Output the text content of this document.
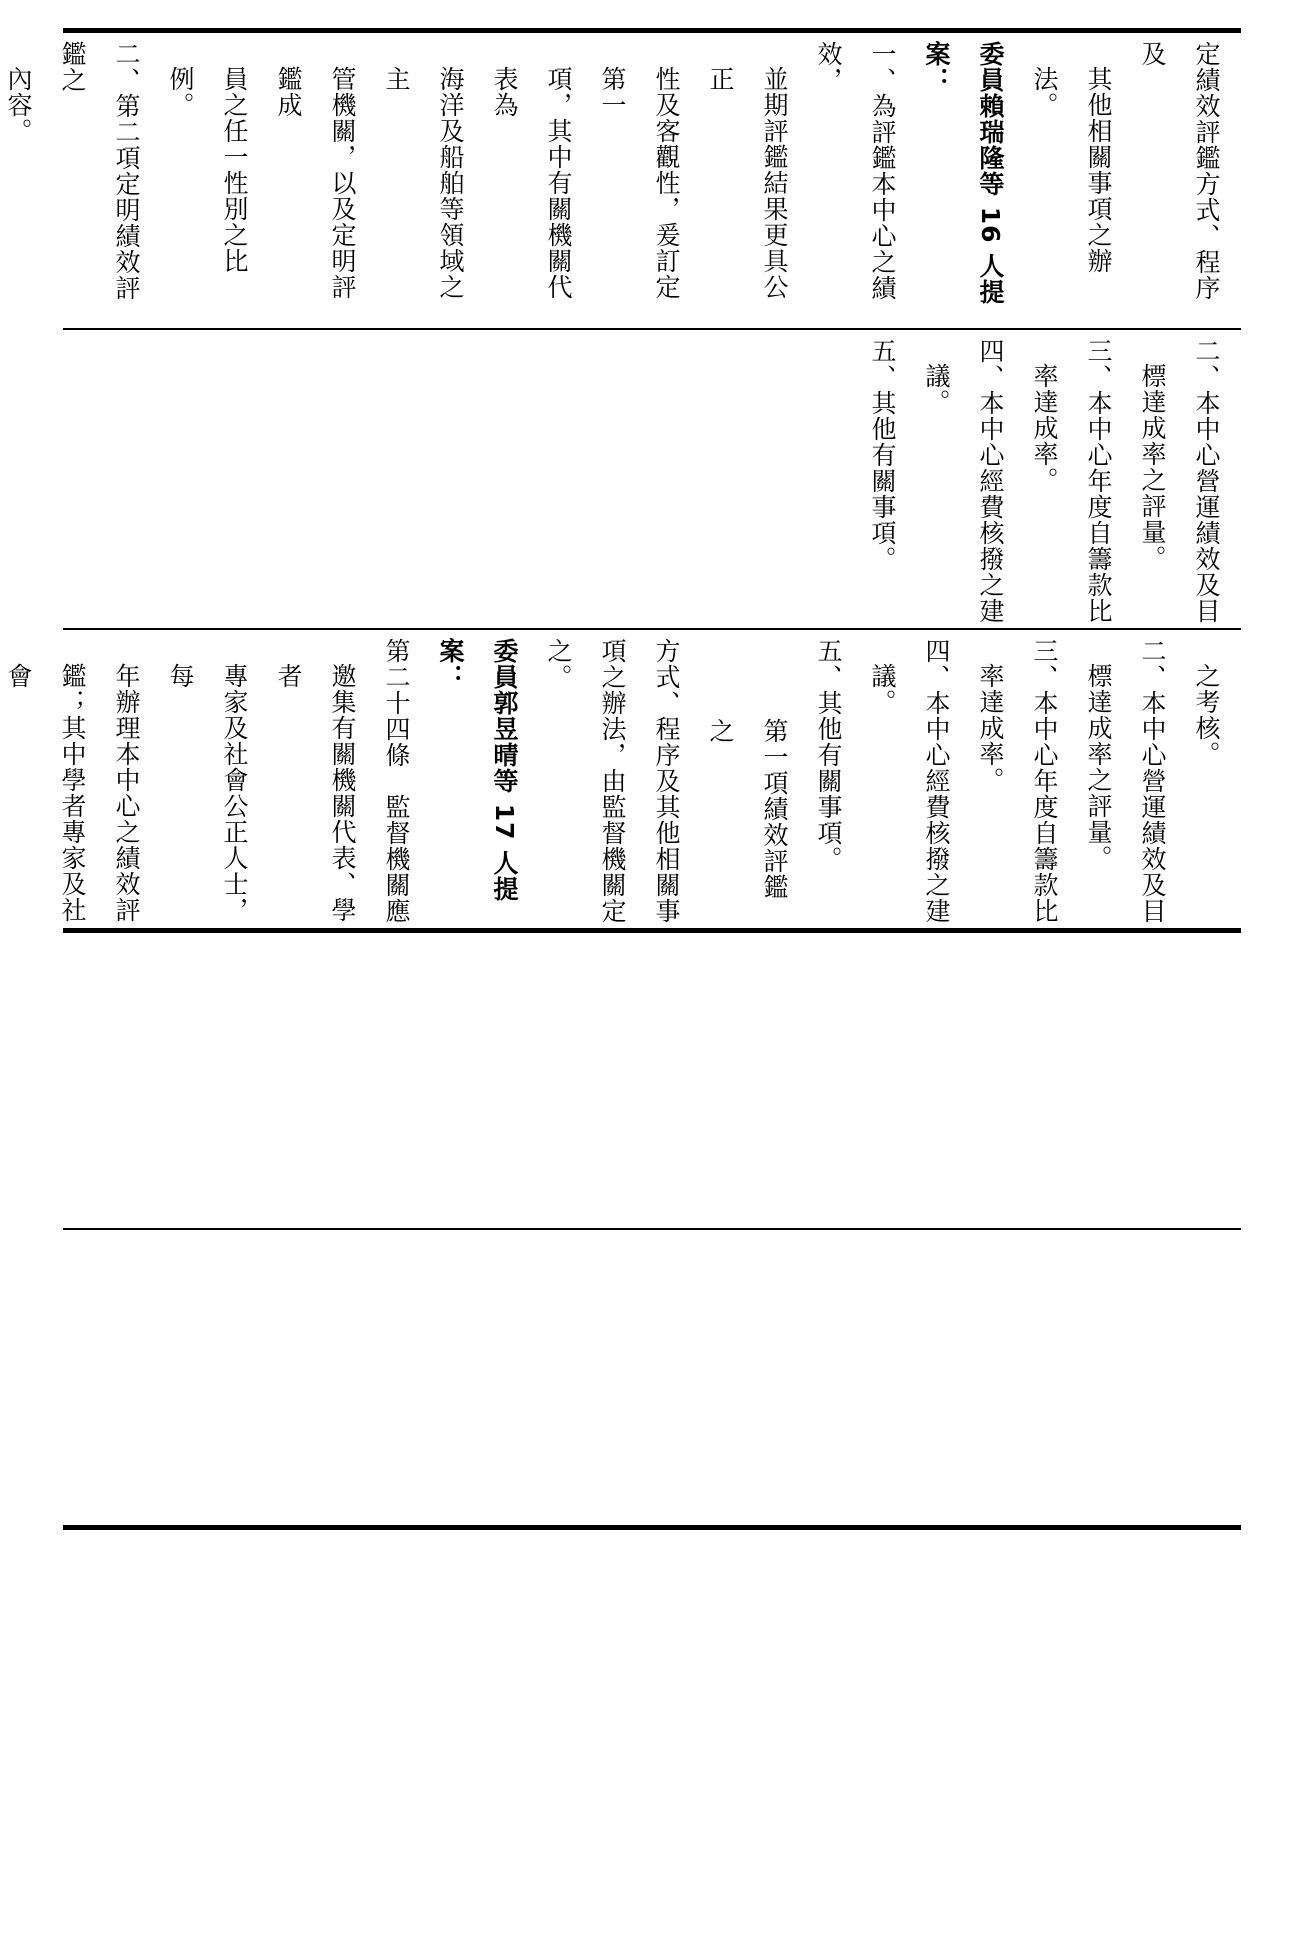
定績效評鑑方式、程序及
其他相關事項之辦法。
委員賴瑞隆等 16 人提案：
一、為評鑑本中心之績效，
並期評鑑結果更具公正
性及客觀性，爰訂定第一
項，其中有關機關代表為
海洋及船舶等領域之主
管機關，以及定明評鑑成
員之任一性別之比例。
二、第二項定明績效評鑑之
內容。
二、本中心營運績效及目
標達成率之評量。
三、本中心年度自籌款比
率達成率。
四、本中心經費核撥之建
議。
五、其他有關事項。
之考核。
二、本中心營運績效及目
標達成率之評量。
三、本中心年度自籌款比
率達成率。
四、本中心經費核撥之建
議。
五、其他有關事項。
第一項績效評鑑之
方式、程序及其他相關事
項之辦法，由監督機關定
之。
委員郭昱晴等 17 人提案：
第二十四條　監督機關應
邀集有關機關代表、學者
專家及社會公正人士，每
年辦理本中心之績效評
鑑；其中學者專家及社會
